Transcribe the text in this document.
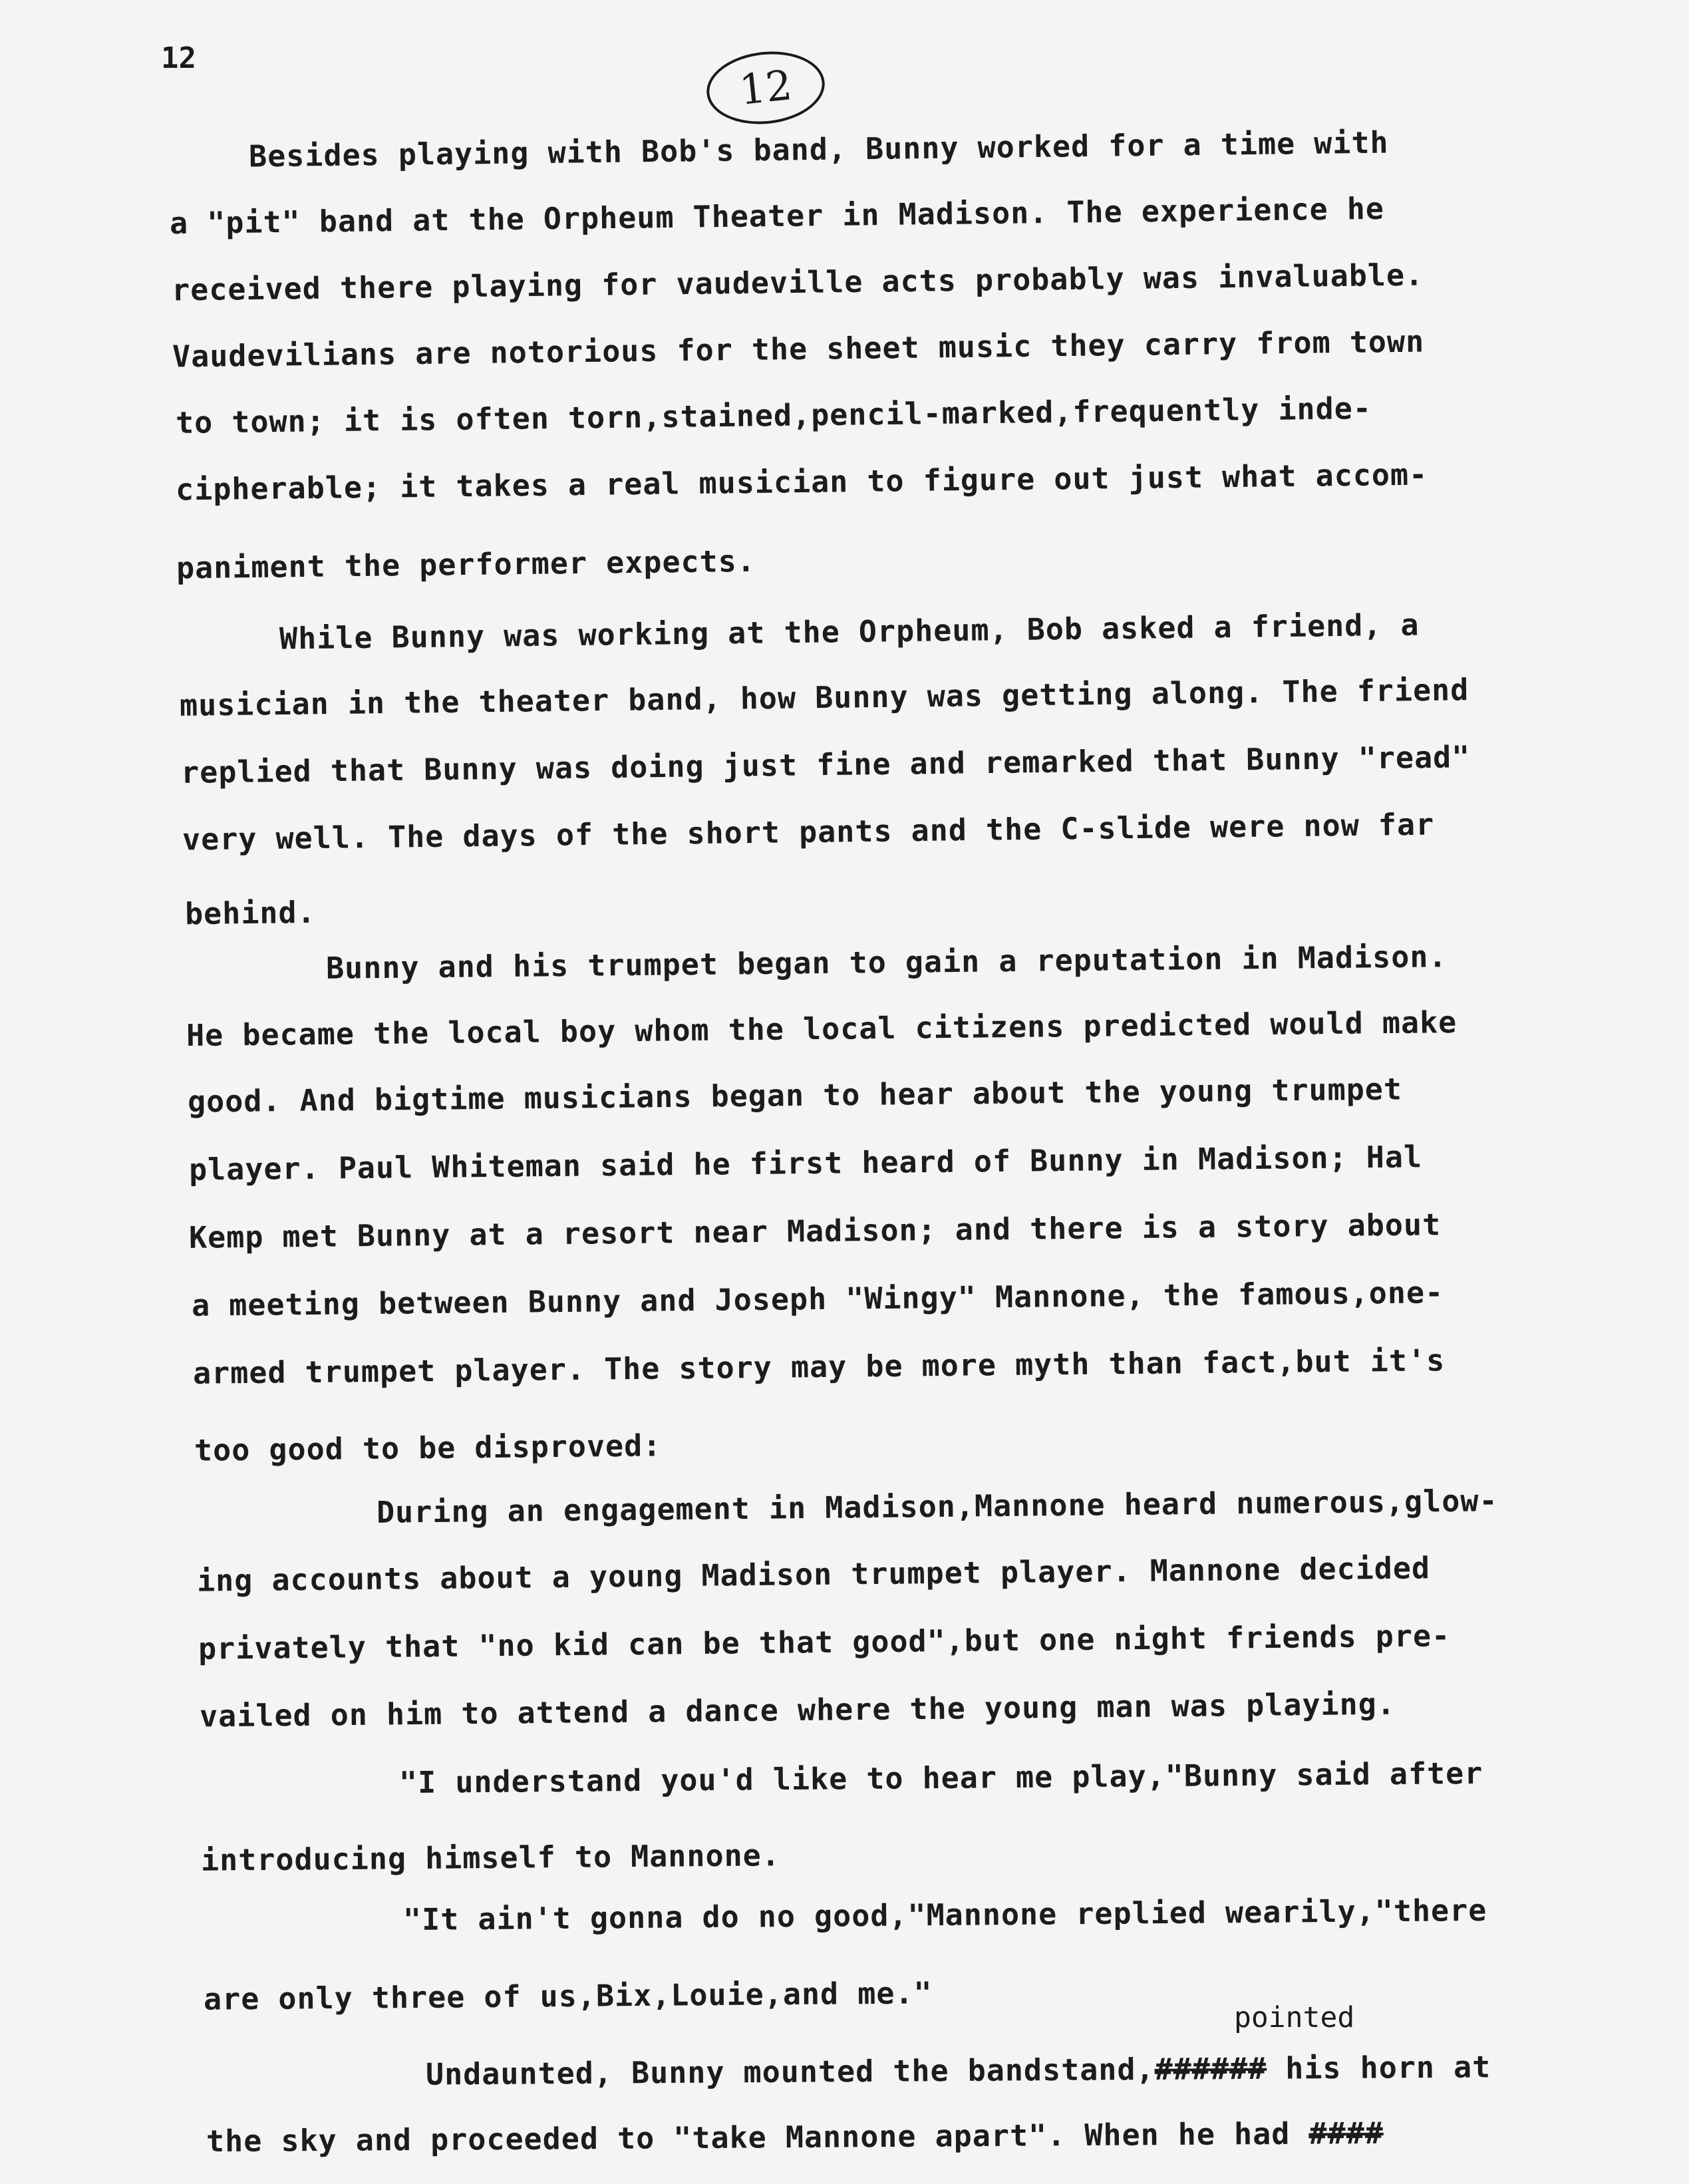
12
12
Besides playing with Bob's band, Bunny worked for a time with
a "pit" band at the Orpheum Theater in Madison. The experience he
received there playing for vaudeville acts probably was invaluable.
Vaudevilians are notorious for the sheet music they carry from town
to town; it is often torn,stained,pencil-marked,frequently inde-
cipherable; it takes a real musician to figure out just what accom-
paniment the performer expects.
While Bunny was working at the Orpheum, Bob asked a friend, a
musician in the theater band, how Bunny was getting along. The friend
replied that Bunny was doing just fine and remarked that Bunny "read"
very well. The days of the short pants and the C-slide were now far
behind.
Bunny and his trumpet began to gain a reputation in Madison.
He became the local boy whom the local citizens predicted would make
good. And bigtime musicians began to hear about the young trumpet
player. Paul Whiteman said he first heard of Bunny in Madison; Hal
Kemp met Bunny at a resort near Madison; and there is a story about
a meeting between Bunny and Joseph "Wingy" Mannone, the famous,one-
armed trumpet player. The story may be more myth than fact,but it's
too good to be disproved:
During an engagement in Madison,Mannone heard numerous,glow-
ing accounts about a young Madison trumpet player. Mannone decided
privately that "no kid can be that good",but one night friends pre-
vailed on him to attend a dance where the young man was playing.
"I understand you'd like to hear me play,"Bunny said after
introducing himself to Mannone.
"It ain't gonna do no good,"Mannone replied wearily,"there
are only three of us,Bix,Louie,and me."
pointed
Undaunted, Bunny mounted the bandstand,###### his horn at
the sky and proceeded to "take Mannone apart". When he had ####
